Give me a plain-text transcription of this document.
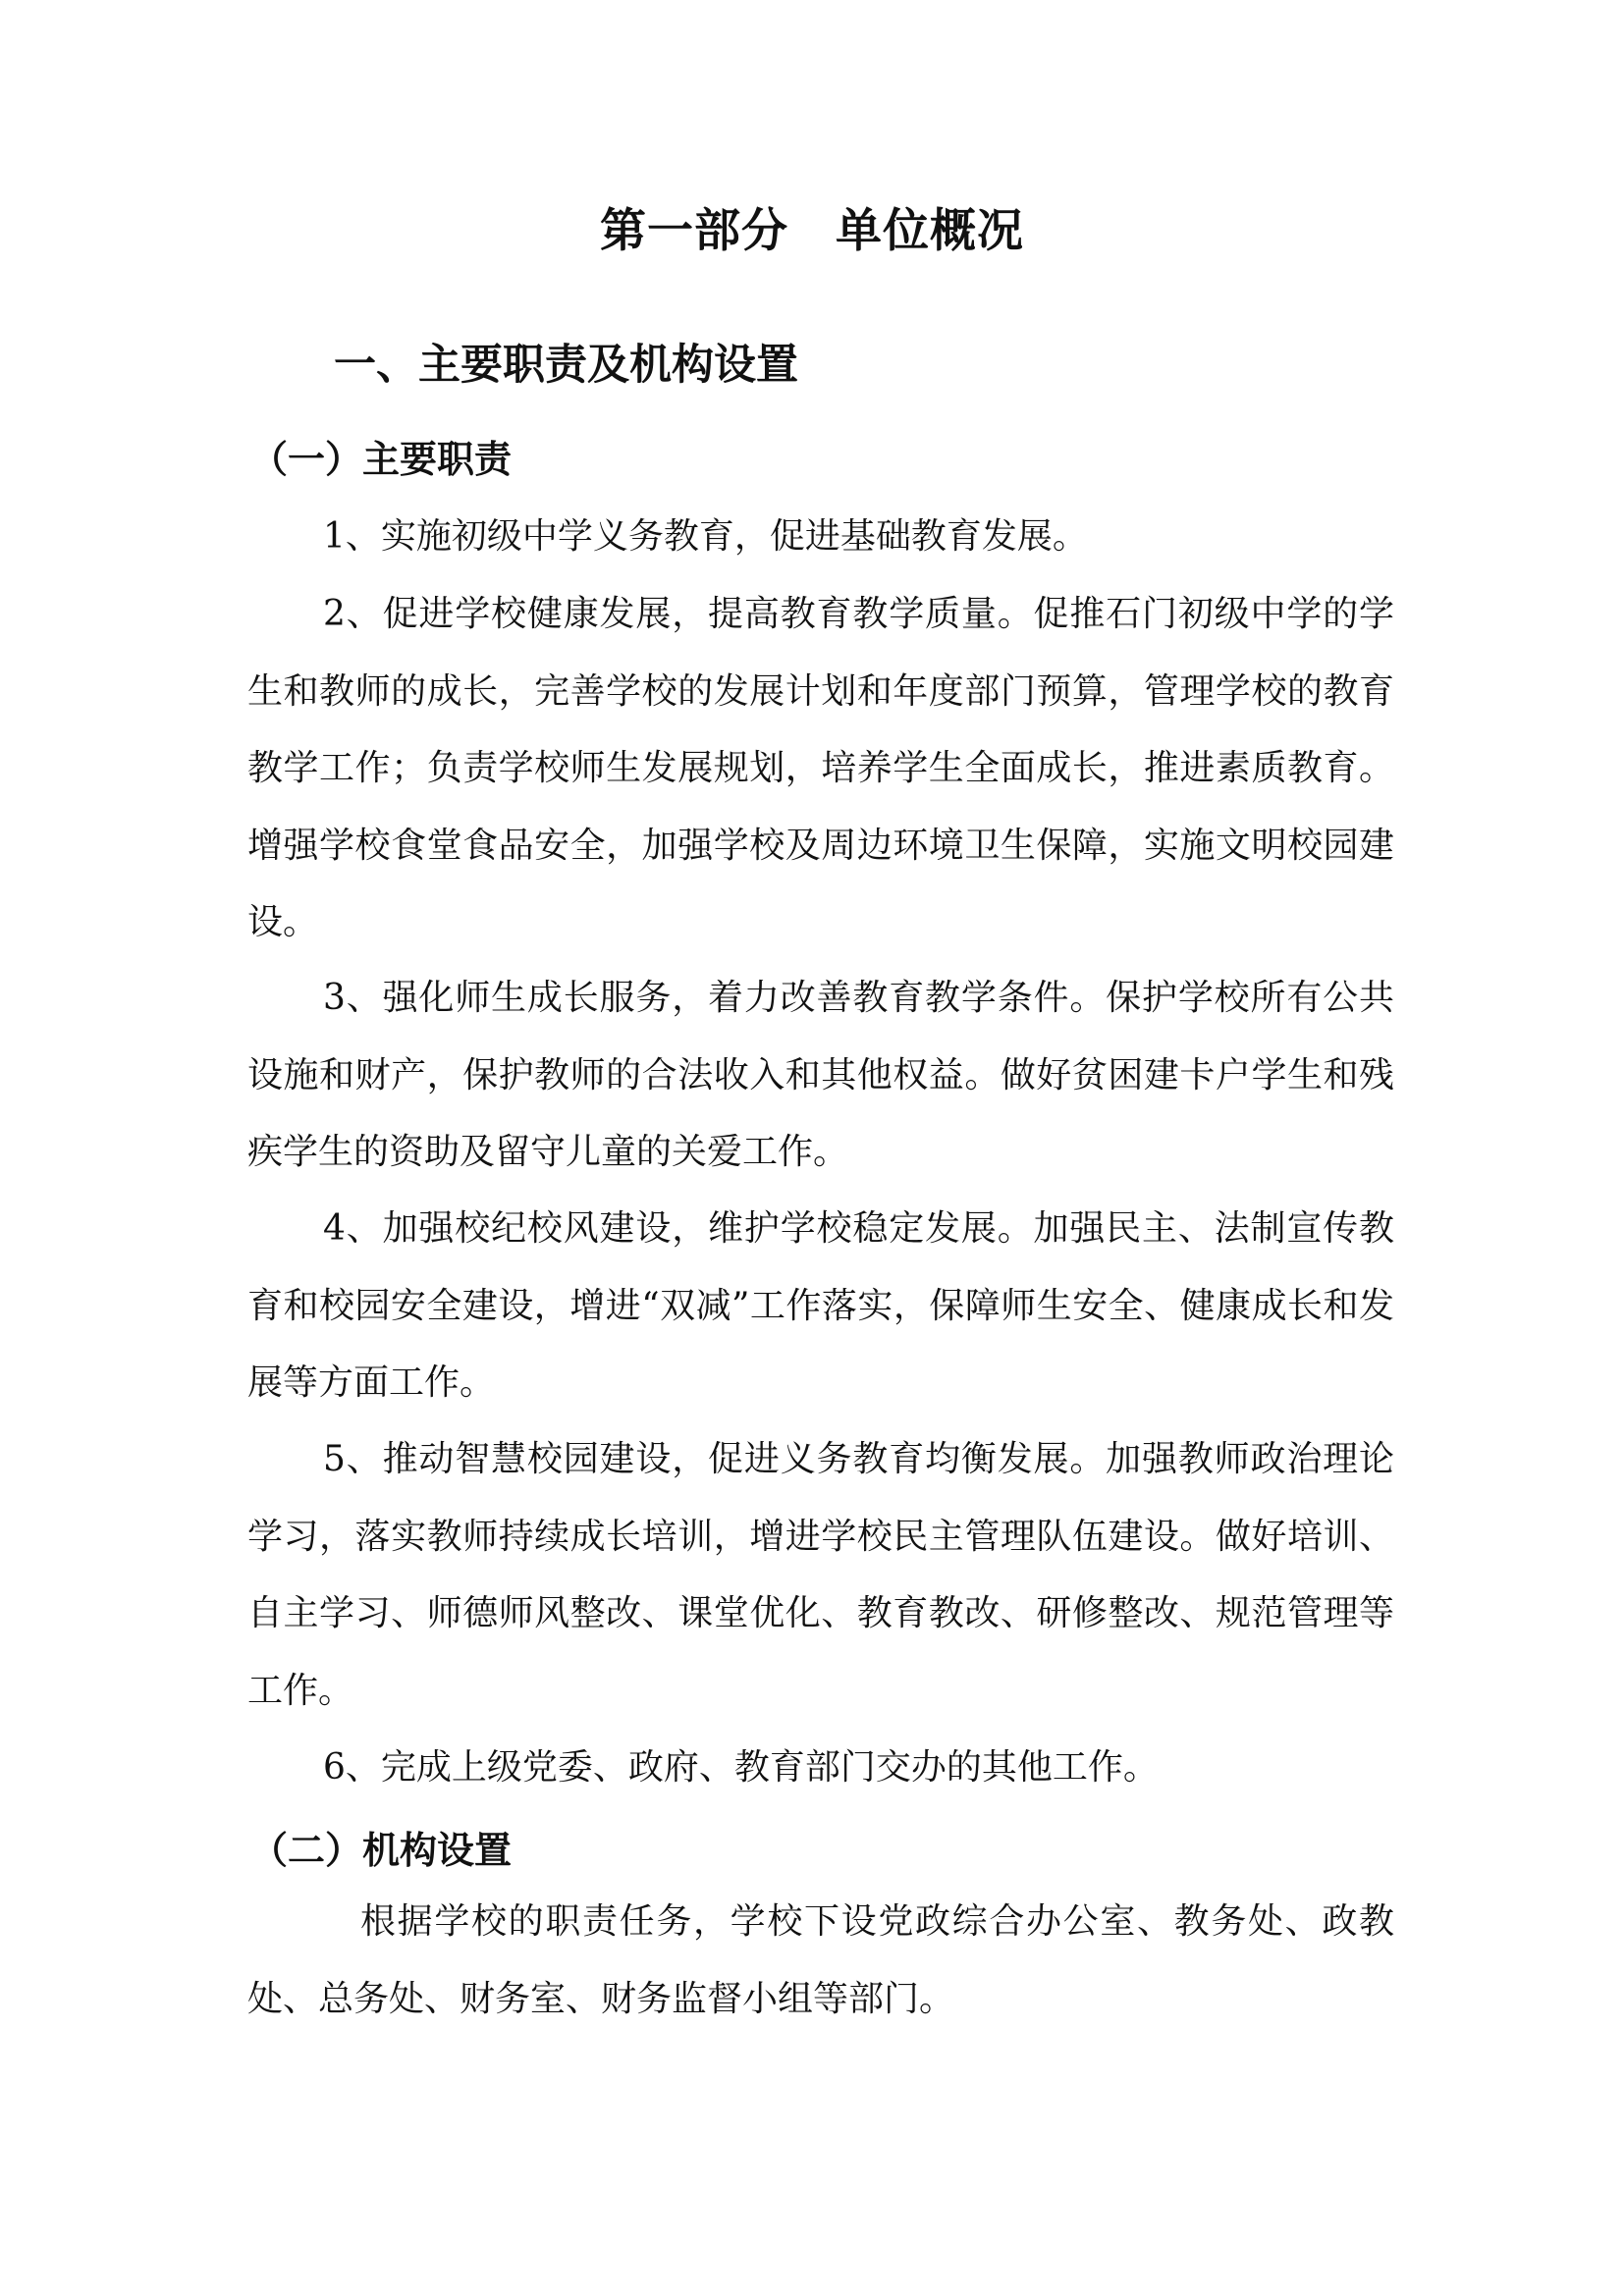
第一部分　单位概况
一、主要职责及机构设置
（一）主要职责

1、实施初级中学义务教育，促进基础教育发展。

2、促进学校健康发展，提高教育教学质量。促推石门初级中学的学生和教师的成长，完善学校的发展计划和年度部门预算，管理学校的教育教学工作；负责学校师生发展规划，培养学生全面成长，推进素质教育。增强学校食堂食品安全，加强学校及周边环境卫生保障，实施文明校园建设。

3、强化师生成长服务，着力改善教育教学条件。保护学校所有公共设施和财产，保护教师的合法收入和其他权益。做好贫困建卡户学生和残疾学生的资助及留守儿童的关爱工作。

4、加强校纪校风建设，维护学校稳定发展。加强民主、法制宣传教育和校园安全建设，增进“双减”工作落实，保障师生安全、健康成长和发展等方面工作。

5、推动智慧校园建设，促进义务教育均衡发展。加强教师政治理论学习，落实教师持续成长培训，增进学校民主管理队伍建设。做好培训、自主学习、师德师风整改、课堂优化、教育教改、研修整改、规范管理等工作。

6、完成上级党委、政府、教育部门交办的其他工作。

（二）机构设置

根据学校的职责任务，学校下设党政综合办公室、教务处、政教处、总务处、财务室、财务监督小组等部门。
